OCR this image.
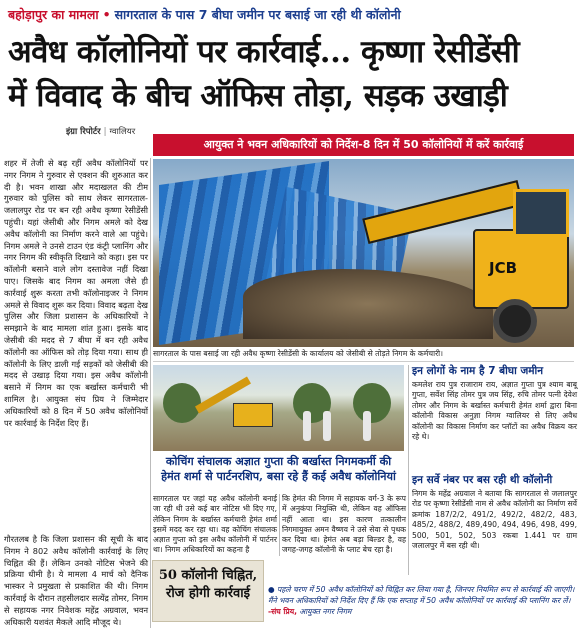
बहोड़ापुर का मामला • सागरताल के पास 7 बीघा जमीन पर बसाई जा रही थी कॉलोनी
अवैध कॉलोनियों पर कार्रवाई... कृष्णा रेसीडेंसी
में विवाद के बीच ऑफिस तोड़ा, सड़क उखाड़ी
इंग्रा रिपोर्टर | ग्वालियर
आयुक्त ने भवन अधिकारियों को निर्देश-8 दिन में 50 कॉलोनियों में करें कार्रवाई

शहर में तेजी से बढ़ रहीं अवैध कॉलोनियों पर नगर निगम ने गुरुवार से एक्शन की शुरुआत कर दी है। भवन शाखा और मदाखलत की टीम गुरुवार को पुलिस को साथ लेकर सागरताल-जलालपुर रोड पर बन रही अवैध कृष्णा रेसीडेंसी पहुंची। यहां जेसीबी और निगम अमले को देख अवैध कॉलोनी का निर्माण करने वाले आ पहुंचे। निगम अमले ने उनसे टाउन एंड कंट्री प्लानिंग और नगर निगम की स्वीकृति दिखाने को कहा। इस पर कॉलोनी बसाने वाले लोग दस्तावेज नहीं दिखा पाए। जिसके बाद निगम का अमला जैसे ही कार्रवाई शुरू करता तभी कॉलोनाइजर ने निगम अमले से विवाद शुरू कर दिया। विवाद बढ़ता देख पुलिस और जिला प्रशासन के अधिकारियों ने समझाने के बाद मामला शांत हुआ। इसके बाद जेसीबी की मदद से 7 बीघा में बन रही अवैध कॉलोनी का ऑफिस को तोड़ दिया गया। साथ ही कॉलोनी के लिए डाली गई सड़कों को जेसीबी की मदद से उखाड़ दिया गया। इस अवैध कॉलोनी बसाने में निगम का एक बर्खास्त कर्मचारी भी शामिल है। आयुक्त संघ प्रिय ने जिम्मेदार अधिकारियों को 8 दिन में 50 अवैध कॉलोनियों पर कार्रवाई के निर्देश दिए हैं।

गौरतलब है कि जिला प्रशासन की सूची के बाद निगम ने 802 अवैध कॉलोनी कार्रवाई के लिए चिह्नित की हैं। लेकिन उनको नोटिस भेजने की प्रक्रिया धीमी है। ये मामला 4 मार्च को दैनिक भास्कर ने प्रमुखता से प्रकाशित की थी। निगम कार्रवाई के दौरान तहसीलदार सत्येंद्र तोमर, निगम से सहायक नगर निवेशक महेंद्र अग्रवाल, भवन अधिकारी यशवंत मैकले आदि मौजूद थे।

JCB
सागरताल के पास बसाई जा रही अवैध कृष्णा रेसीडेंसी के कार्यालय को जेसीबी से तोड़ते निगम के कर्मचारी।
कोचिंग संचालक अज्ञात गुप्ता की बर्खास्त निगमकर्मी की
हेमंत शर्मा से पार्टनरशिप, बसा रहे हैं कई अवैध कॉलोनियां
सागरताल पर जहां यह अवैध कॉलोनी बनाई जा रही थी उसे कई बार नोटिस भी दिए गए, लेकिन निगम के बर्खास्त कर्मचारी हेमंत शर्मा इसमें मदद कर रहा था। वह कोचिंग संचालक अज्ञात गुप्ता को इस अवैध कॉलोनी में पार्टनर था। निगम अधिकारियों का कहना है
कि हेमंत की निगम में सहायक वर्ग-3 के रूप में अनुकंपा नियुक्ति थी, लेकिन वह ऑफिस नहीं आता था। इस कारण तत्कालीन निगमायुक्त अमन वैष्णव ने उसे सेवा से पृथक कर दिया था। हेमंत अब बड़ा बिल्डर है, वह जगह-जगह कॉलोनी के प्लाट बेच रहा है।
इन लोगों के नाम है 7 बीघा जमीन

कमलेश राय पुत्र राजाराम राय, अज्ञात गुप्ता पुत्र श्याम बाबू गुप्ता, सर्वेश सिंह तोमर पुत्र जय सिंह, रुचि तोमर पत्नी देवेश तोमर और निगम के बर्खास्त कर्मचारी हेमंत शर्मा द्वारा बिना कॉलोनी विकास अनुज्ञा निगम ग्वालियर से लिए अवैध कॉलोनी का विकास निर्माण कर प्लॉटों का अवैध विक्रय कर रहे थे।

इन सर्वे नंबर पर बस रही थी कॉलोनी

निगम के महेंद्र अग्रवाल ने बताया कि सागरताल से जलालपुर रोड पर कृष्णा रेसीडेंसी नाम से अवैध कॉलोनी का निर्माण सर्वे क्रमांक 187/2/2, 491/2, 492/2, 482/2, 483, 485/2, 488/2, 489,490, 494, 496, 498, 499, 500, 501, 502, 503 रकबा 1.441 पर ग्राम जलालपुर में बस रही थी।

50 कॉलोनी चिह्नित,
रोज होगी कार्रवाई	● पहले चरण में 50 अवैध कॉलोनियों को चिह्नित कर लिया गया है, जिनपर नियमित रूप से कार्रवाई की जाएगी। मैंने भवन अधिकारियों को निर्देश दिए हैं कि एक सप्ताह में 50 अवैध कॉलोनियों पर कार्रवाई की प्लानिंग कर लें। -संघ प्रिय, आयुक्त नगर निगम
